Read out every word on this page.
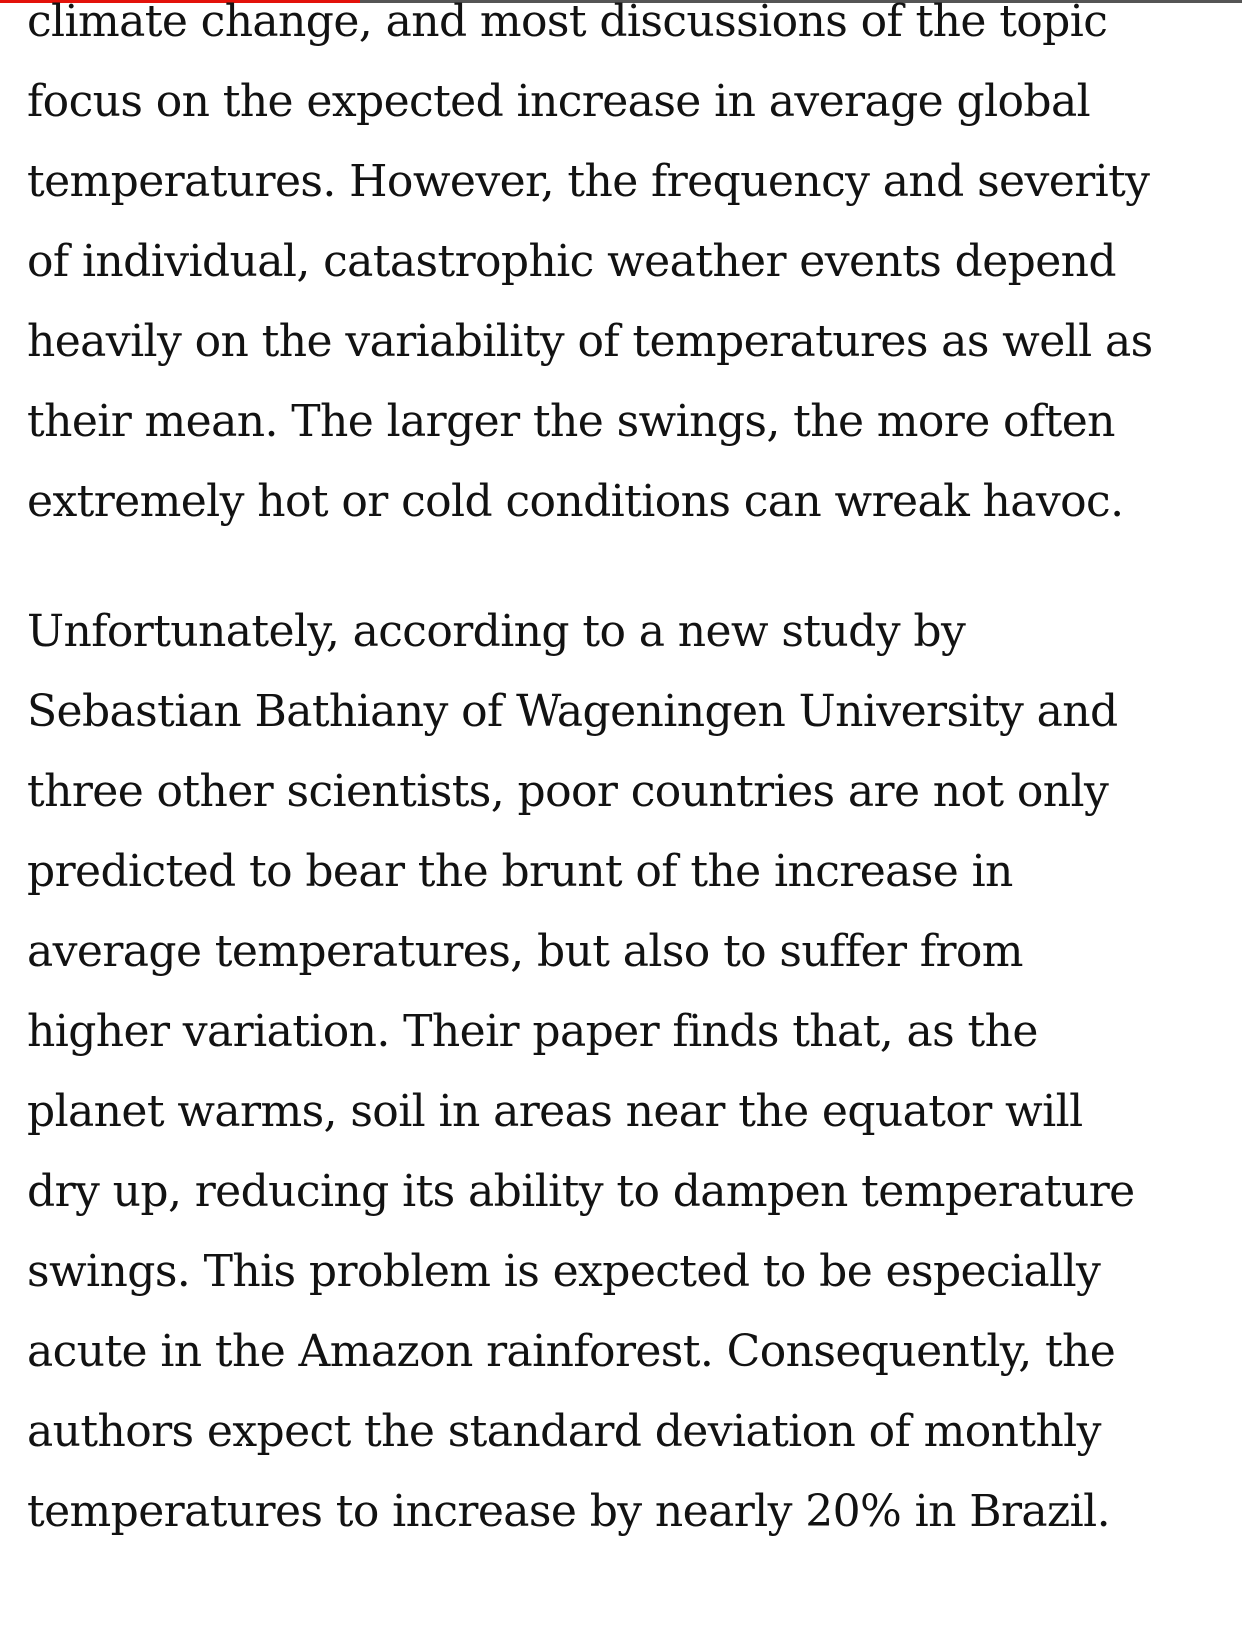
climate change, and most discussions of the topic
focus on the expected increase in average global
temperatures. However, the frequency and severity
of individual, catastrophic weather events depend
heavily on the variability of temperatures as well as
their mean. The larger the swings, the more often
extremely hot or cold conditions can wreak havoc.

Unfortunately, according to a new study by
Sebastian Bathiany of Wageningen University and
three other scientists, poor countries are not only
predicted to bear the brunt of the increase in
average temperatures, but also to suffer from
higher variation. Their paper finds that, as the
planet warms, soil in areas near the equator will
dry up, reducing its ability to dampen temperature
swings. This problem is expected to be especially
acute in the Amazon rainforest. Consequently, the
authors expect the standard deviation of monthly
temperatures to increase by nearly 20% in Brazil.
